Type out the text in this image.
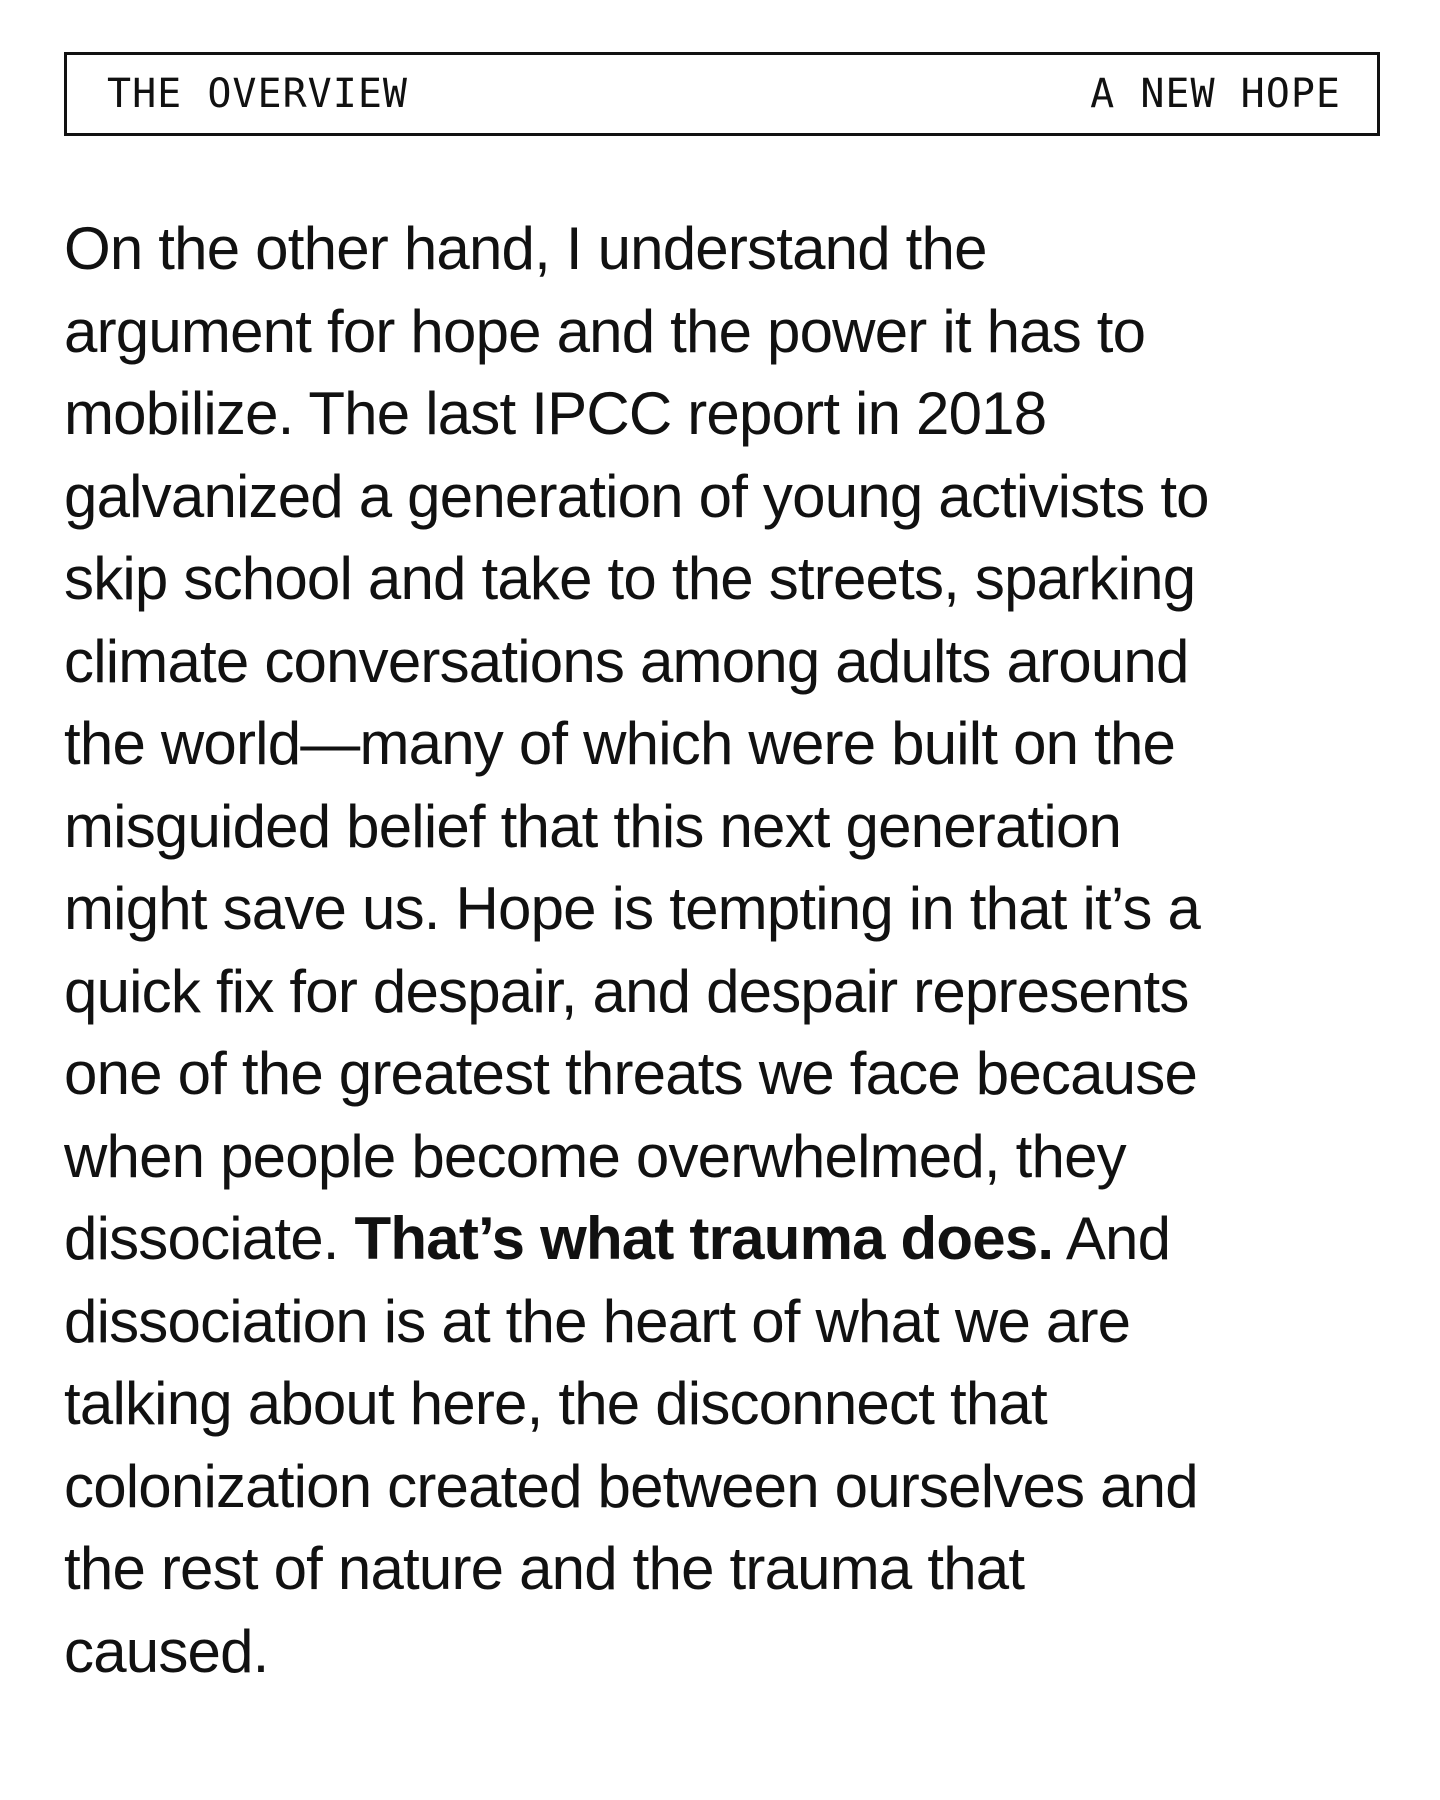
THE OVERVIEW	A NEW HOPE

On the other hand, I understand the
argument for hope and the power it has to
mobilize. The last IPCC report in 2018
galvanized a generation of young activists to
skip school and take to the streets, sparking
climate conversations among adults around
the world—many of which were built on the
misguided belief that this next generation
might save us. Hope is tempting in that it’s a
quick fix for despair, and despair represents
one of the greatest threats we face because
when people become overwhelmed, they
dissociate. That’s what trauma does. And
dissociation is at the heart of what we are
talking about here, the disconnect that
colonization created between ourselves and
the rest of nature and the trauma that
caused.
